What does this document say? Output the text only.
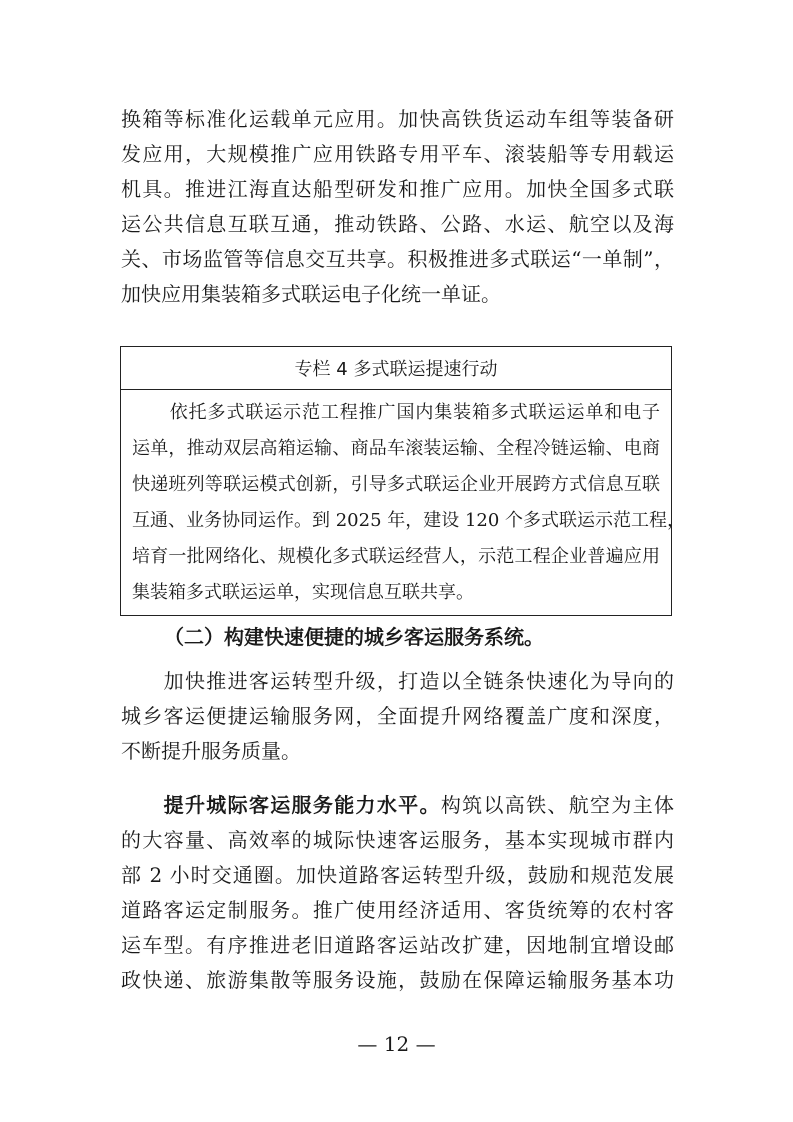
换箱等标准化运载单元应用。加快高铁货运动车组等装备研
发应用，大规模推广应用铁路专用平车、滚装船等专用载运
机具。推进江海直达船型研发和推广应用。加快全国多式联
运公共信息互联互通，推动铁路、公路、水运、航空以及海
关、市场监管等信息交互共享。积极推进多式联运“一单制”，
加快应用集装箱多式联运电子化统一单证。
专栏 4 多式联运提速行动
　　依托多式联运示范工程推广国内集装箱多式联运运单和电子
运单，推动双层高箱运输、商品车滚装运输、全程冷链运输、电商
快递班列等联运模式创新，引导多式联运企业开展跨方式信息互联
互通、业务协同运作。到 2025 年，建设 120 个多式联运示范工程，
培育一批网络化、规模化多式联运经营人，示范工程企业普遍应用
集装箱多式联运运单，实现信息互联共享。
（二）构建快速便捷的城乡客运服务系统。
　　加快推进客运转型升级，打造以全链条快速化为导向的
城乡客运便捷运输服务网，全面提升网络覆盖广度和深度，
不断提升服务质量。
　　提升城际客运服务能力水平。构筑以高铁、航空为主体
的大容量、高效率的城际快速客运服务，基本实现城市群内
部 2 小时交通圈。加快道路客运转型升级，鼓励和规范发展
道路客运定制服务。推广使用经济适用、客货统筹的农村客
运车型。有序推进老旧道路客运站改扩建，因地制宜增设邮
政快递、旅游集散等服务设施，鼓励在保障运输服务基本功
— 12 —
